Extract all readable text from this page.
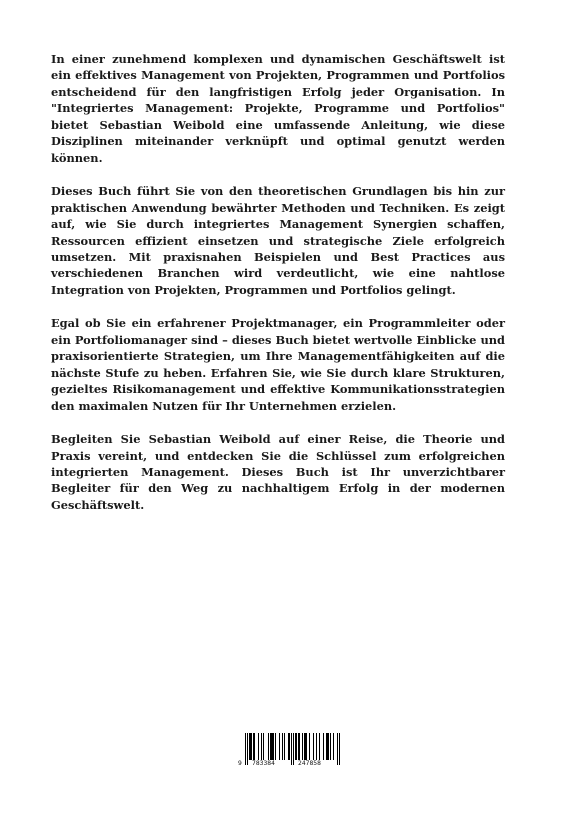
In einer zunehmend komplexen und dynamischen Geschäftswelt ist ein effektives Management von Projekten, Programmen und Portfolios entscheidend für den langfristigen Erfolg jeder Organisation. In "Integriertes Management: Projekte, Programme und Portfolios" bietet Sebastian Weibold eine umfassende Anleitung, wie diese Disziplinen miteinander verknüpft und optimal genutzt werden können.

Dieses Buch führt Sie von den theoretischen Grundlagen bis hin zur praktischen Anwendung bewährter Methoden und Techniken. Es zeigt auf, wie Sie durch integriertes Management Synergien schaffen, Ressourcen effizient einsetzen und strategische Ziele erfolgreich umsetzen. Mit praxisnahen Beispielen und Best Practices aus verschiedenen Branchen wird verdeutlicht, wie eine nahtlose Integration von Projekten, Programmen und Portfolios gelingt.

Egal ob Sie ein erfahrener Projektmanager, ein Programmleiter oder ein Portfoliomanager sind – dieses Buch bietet wertvolle Einblicke und praxisorientierte Strategien, um Ihre Managementfähigkeiten auf die nächste Stufe zu heben. Erfahren Sie, wie Sie durch klare Strukturen, gezieltes Risikomanagement und effektive Kommunikationsstrategien den maximalen Nutzen für Ihr Unternehmen erzielen.

Begleiten Sie Sebastian Weibold auf einer Reise, die Theorie und Praxis vereint, und entdecken Sie die Schlüssel zum erfolgreichen integrierten Management. Dieses Buch ist Ihr unverzichtbarer Begleiter für den Weg zu nachhaltigem Erfolg in der modernen Geschäftswelt.

9 783384	247858
